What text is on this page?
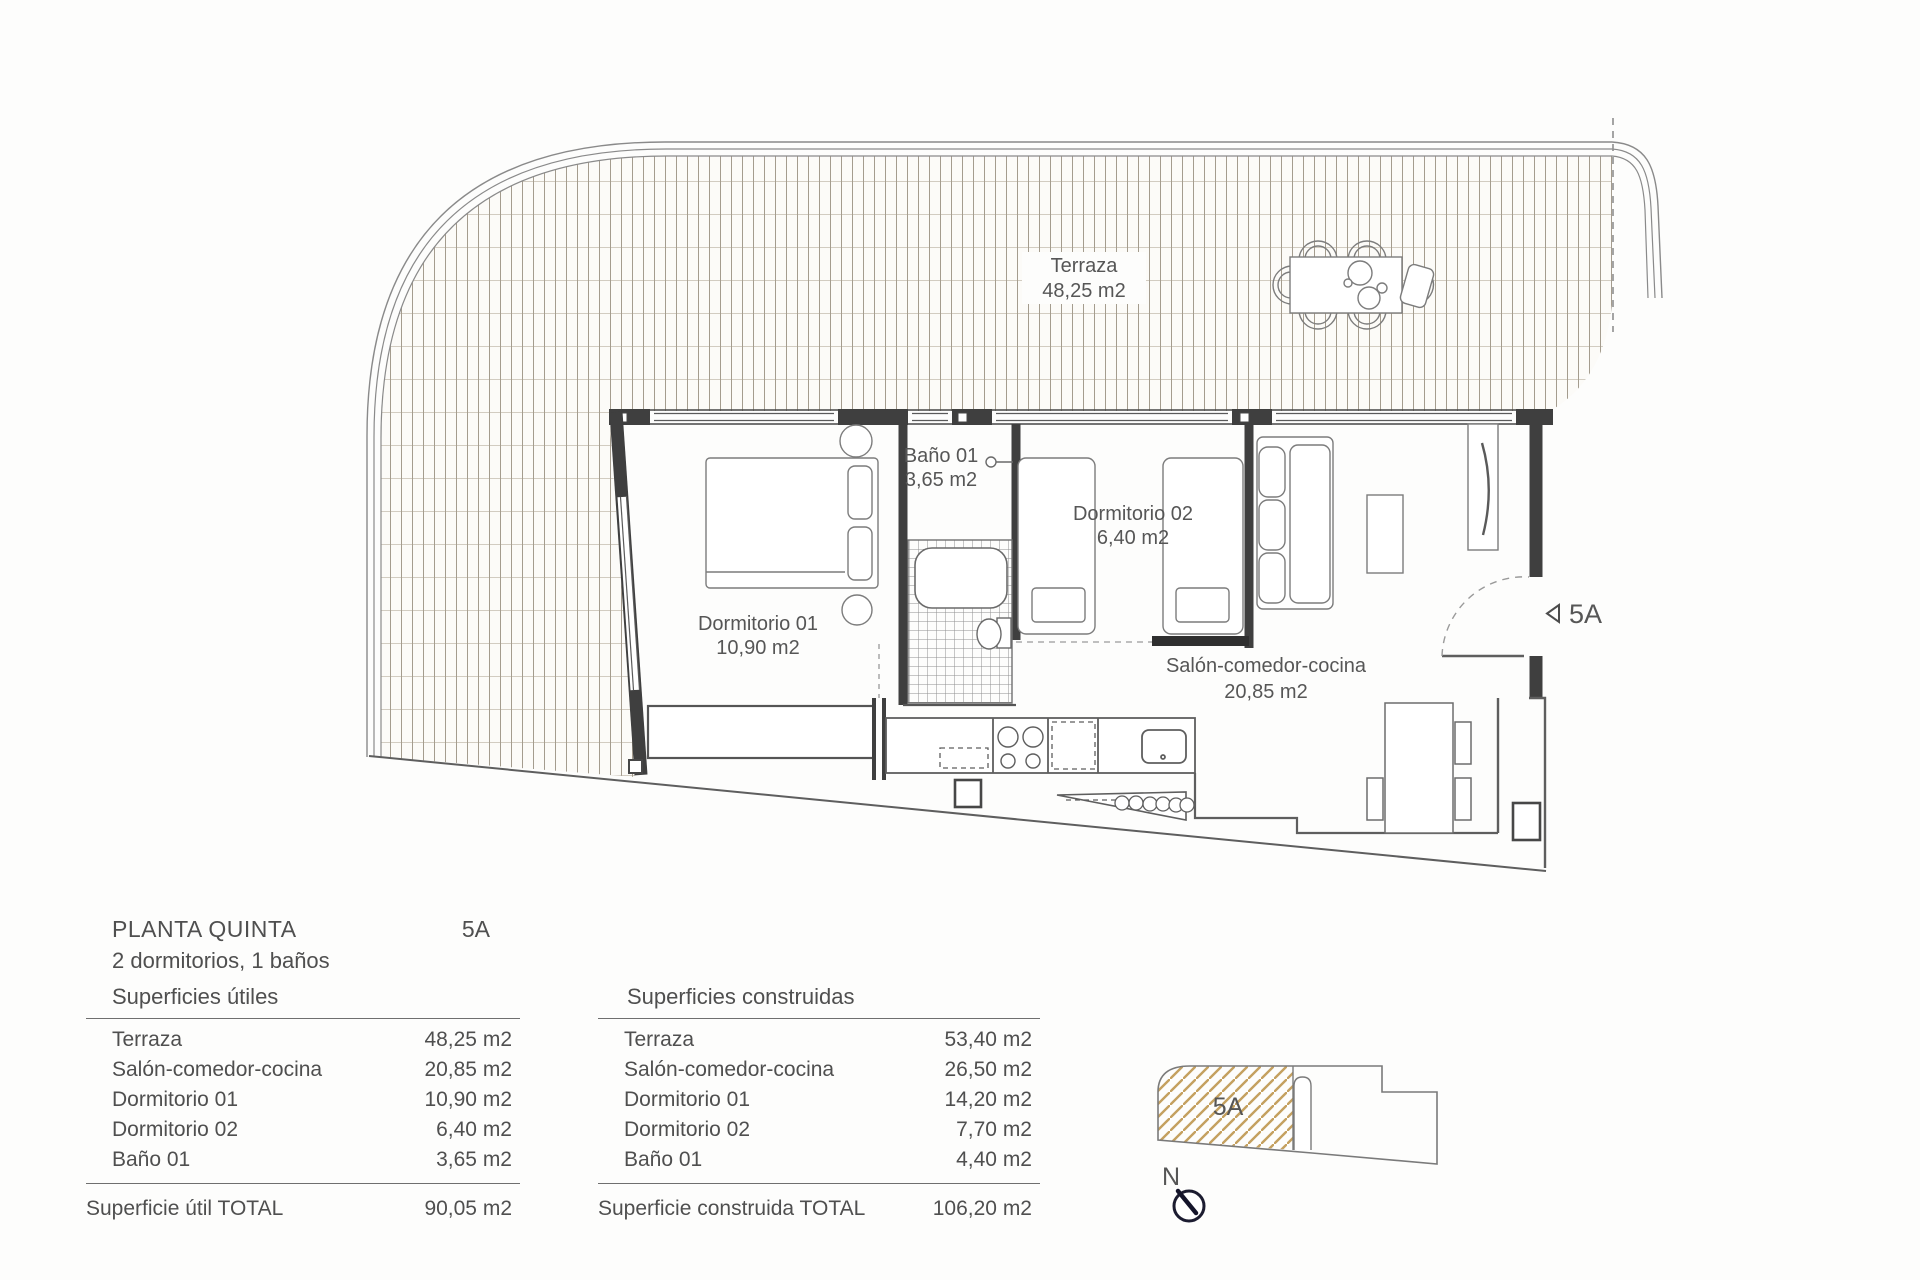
Terraza
48,25 m2
Dormitorio 01
10,90 m2
Baño 01
3,65 m2
Dormitorio 02
6,40 m2
Salón-comedor-cocina
20,85 m2
5A
5A
N
PLANTA QUINTA	5A
2 dormitorios, 1 baños
Superficies útiles
Terraza	48,25 m2
Salón-comedor-cocina	20,85 m2
Dormitorio 01	10,90 m2
Dormitorio 02	6,40 m2
Baño 01	3,65 m2
Superficie útil TOTAL	90,05 m2
Superficies construidas
Terraza	53,40 m2
Salón-comedor-cocina	26,50 m2
Dormitorio 01	14,20 m2
Dormitorio 02	7,70 m2
Baño 01	4,40 m2
Superficie construida TOTAL	106,20 m2
